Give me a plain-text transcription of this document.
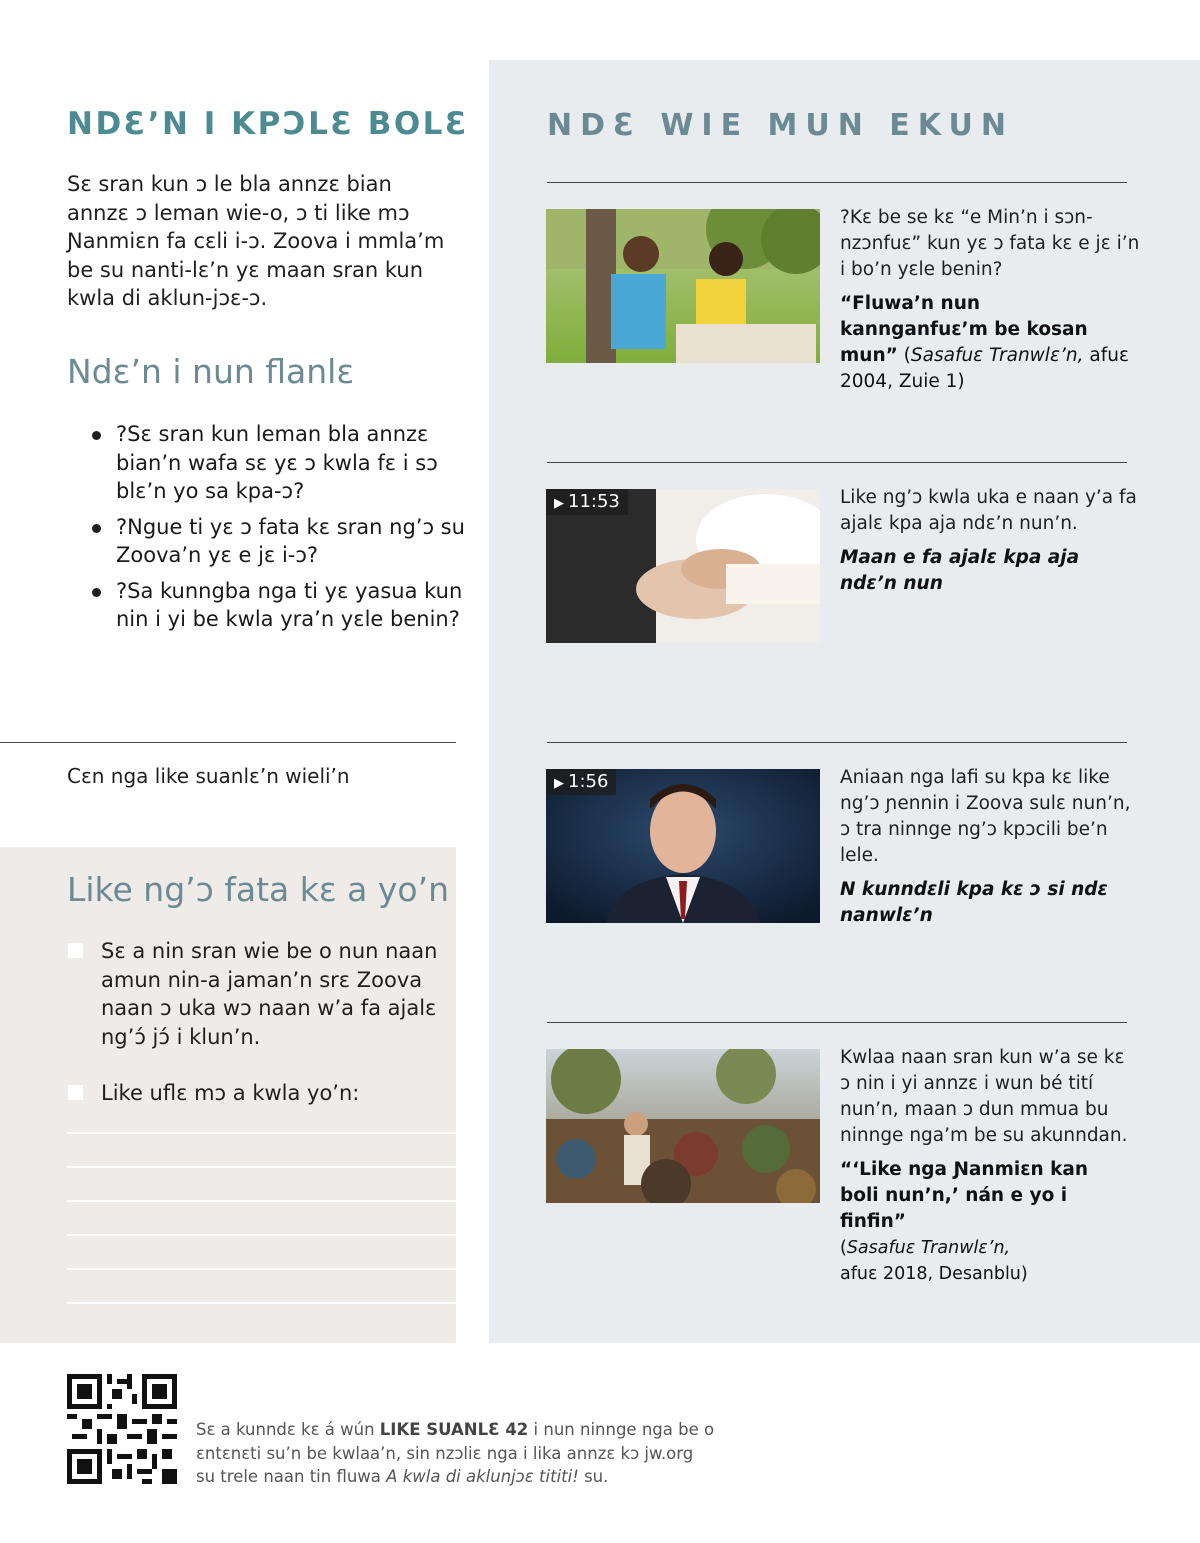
NDƐ’N I KPƆLƐ BOLƐ
Sɛ sran kun ɔ le bla annzɛ bian annzɛ ɔ leman wie-o, ɔ ti like mɔ Ɲanmiɛn fa cɛli i-ɔ. Zoova i mmla’m be su nanti-lɛ’n yɛ maan sran kun kwla di aklun-jɔɛ-ɔ.
Ndɛ’n i nun flanlɛ
?Sɛ sran kun leman bla annzɛ bian’n wafa sɛ yɛ ɔ kwla fɛ i sɔ blɛ’n yo sa kpa-ɔ?
?Ngue ti yɛ ɔ fata kɛ sran ng’ɔ su Zoova’n yɛ e jɛ i-ɔ?
?Sa kunngba nga ti yɛ yasua kun nin i yi be kwla yra’n yɛle benin?
Cɛn nga like suanlɛ’n wieli’n
Like ng’ɔ fata kɛ a yo’n
Sɛ a nin sran wie be o nun naan amun nin-a jaman’n srɛ Zoova naan ɔ uka wɔ naan w’a fa ajalɛ ng’ɔ́ jɔ́ i klun’n.
Like uflɛ mɔ a kwla yo’n:
NDƐ WIE MUN EKUN
?Kɛ be se kɛ “e Min’n i sɔn-nzɔnfuɛ” kun yɛ ɔ fata kɛ e jɛ i’n i bo’n yɛle benin?
“Fluwa’n nun kannganfuɛ’m be kosan mun” (Sasafuɛ Tranwlɛ’n, afuɛ 2004, Zuie 1)
▶ 11:53	Like ng’ɔ kwla uka e naan y’a fa ajalɛ kpa aja ndɛ’n nun’n.
Maan e fa ajalɛ kpa aja ndɛ’n nun
▶ 1:56	Aniaan nga lafi su kpa kɛ like ng’ɔ ɲennin i Zoova sulɛ nun’n, ɔ tra ninnge ng’ɔ kpɔcili be’n lele.
N kunndɛli kpa kɛ ɔ si ndɛ nanwlɛ’n
Kwlaa naan sran kun w’a se kɛ ɔ nin i yi annzɛ i wun bé tití nun’n, maan ɔ dun mmua bu ninnge nga’m be su akunndan.
“‘Like nga Ɲanmiɛn kan boli nun’n,’ nán e yo i finfin”
(Sasafuɛ Tranwlɛ’n,
afuɛ 2018, Desanblu)
Sɛ a kunndɛ kɛ á wún LIKE SUANLƐ 42 i nun ninnge nga be o ɛntɛnɛti su’n be kwlaa’n, sin nzɔliɛ nga i lika annzɛ kɔ jw.org su trele naan tin fluwa A kwla di aklunjɔɛ tititi! su.
